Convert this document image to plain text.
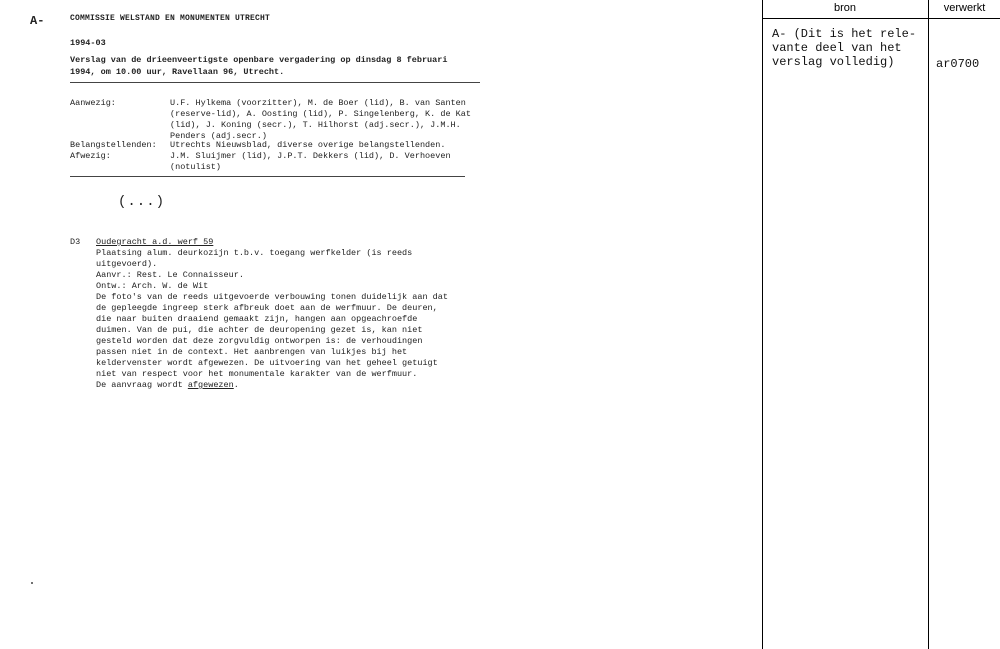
A-	COMMISSIE WELSTAND EN MONUMENTEN UTRECHT
1994-03
Verslag van de drieenveertigste openbare vergadering op dinsdag 8 februari
1994, om 10.00 uur, Ravellaan 96, Utrecht.
Aanwezig:	U.F. Hylkema (voorzitter), M. de Boer (lid), B. van Santen
(reserve-lid), A. Oosting (lid), P. Singelenberg, K. de Kat
(lid), J. Koning (secr.), T. Hilhorst (adj.secr.), J.M.H.
Penders (adj.secr.)
Belangstellenden: Utrechts Nieuwsblad, diverse overige belangstellenden.
Afwezig:	J.M. Sluijmer (lid), J.P.T. Dekkers (lid), D. Verhoeven
(notulist)
(...)
D3 Oudegracht a.d. werf 59
Plaatsing alum. deurkozijn t.b.v. toegang werfkelder (is reeds
uitgevoerd).
Aanvr.: Rest. Le Connaisseur.
Ontw.: Arch. W. de Wit
De foto's van de reeds uitgevoerde verbouwing tonen duidelijk aan dat
de gepleegde ingreep sterk afbreuk doet aan de werfmuur. De deuren,
die naar buiten draaiend gemaakt zijn, hangen aan opgeachroefde
duimen. Van de pui, die achter de deuropening gezet is, kan niet
gesteld worden dat deze zorgvuldig ontworpen is: de verhoudingen
passen niet in de context. Het aanbrengen van luikjes bij het
keldervenster wordt afgewezen. De uitvoering van het geheel getuigt
niet van respect voor het monumentale karakter van de werfmuur.
De aanvraag wordt afgewezen.
bron	verwerkt
A- (Dit is het rele-
vante deel van het
verslag volledig)	ar0700
